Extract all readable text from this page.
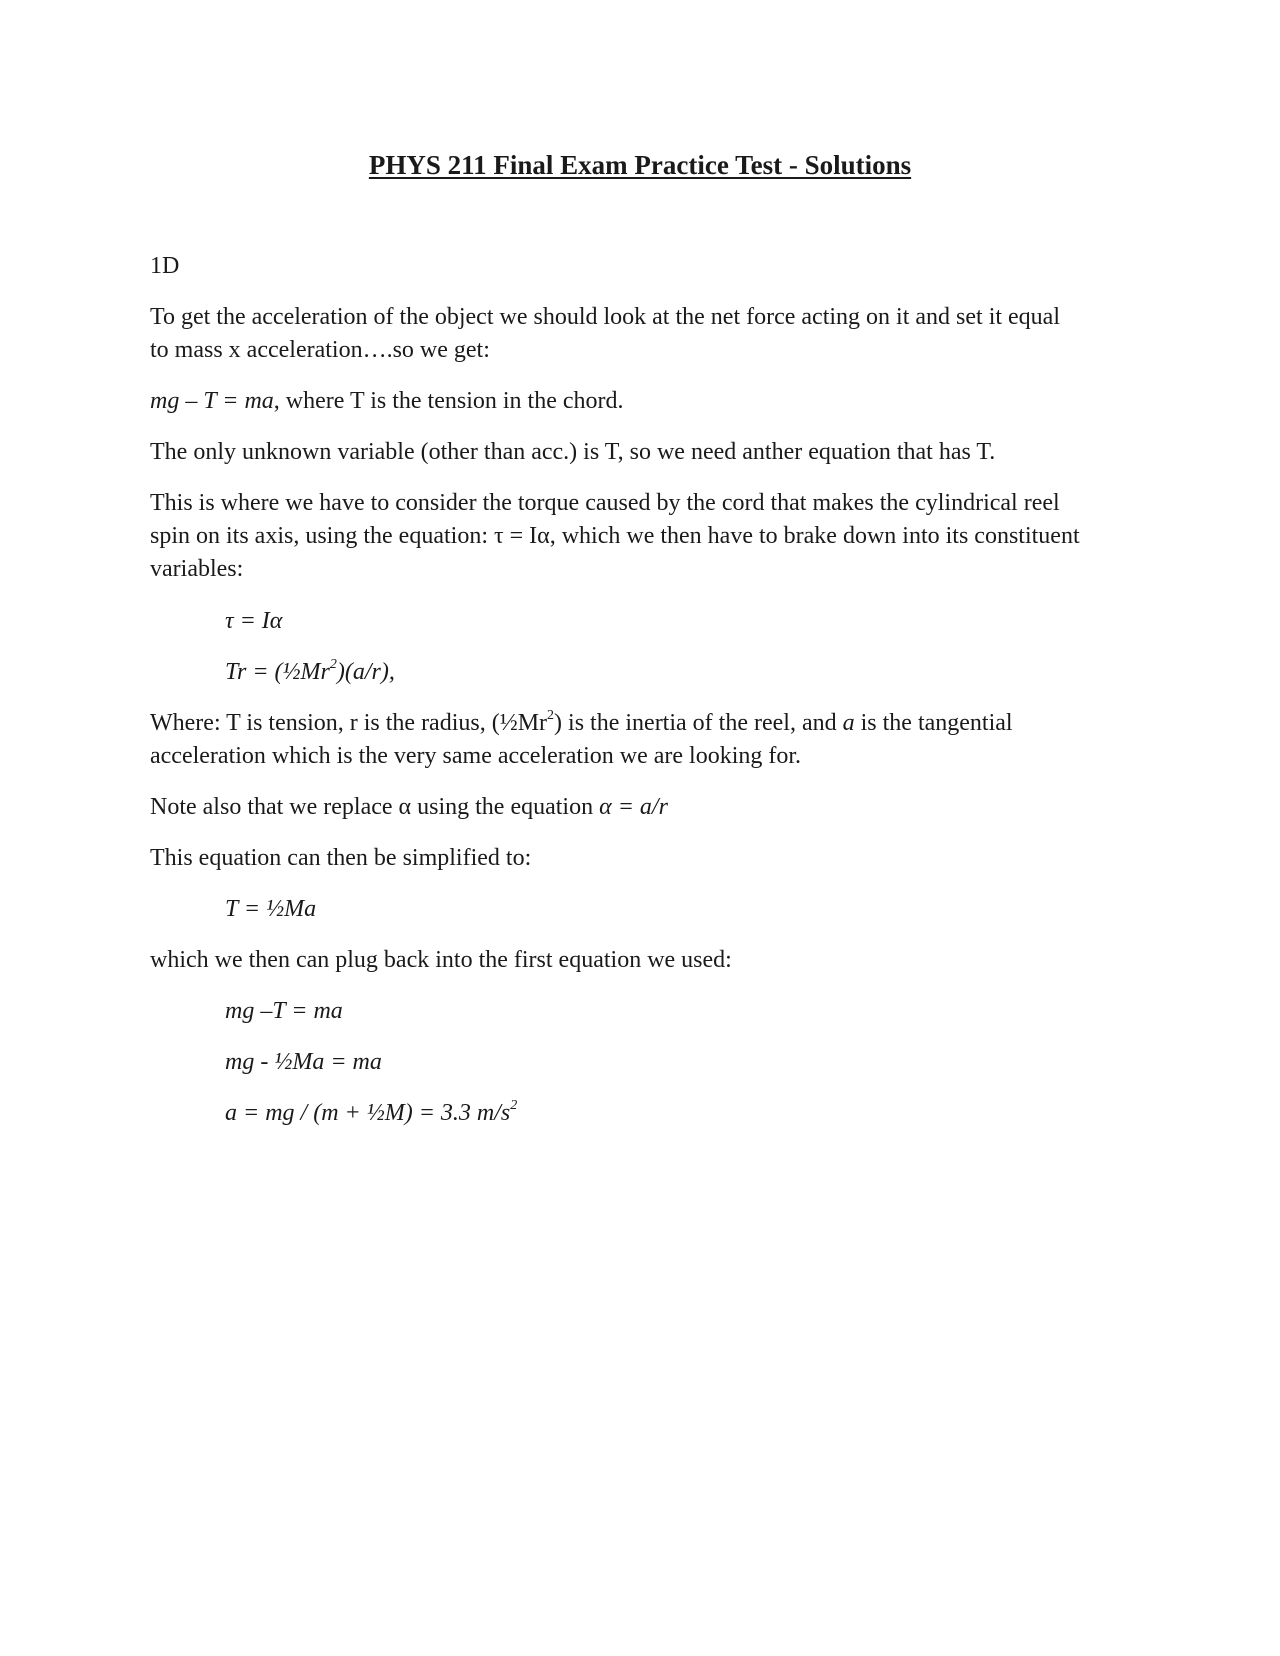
PHYS 211 Final Exam Practice Test - Solutions
1D
To get the acceleration of the object we should look at the net force acting on it and set it equal
to mass x acceleration….so we get:
mg – T = ma, where T is the tension in the chord.
The only unknown variable (other than acc.) is T, so we need anther equation that has T.
This is where we have to consider the torque caused by the cord that makes the cylindrical reel
spin on its axis, using the equation: τ = Iα, which we then have to brake down into its constituent
variables:
τ = Iα
$Tr = (\frac{1}{2}Mr^2)(a/r)$,
Where: T is tension, r is the radius, (½Mr$^2$) is the inertia of the reel, and a is the tangential
acceleration which is the very same acceleration we are looking for.
Note also that we replace α using the equation α = a/r
This equation can then be simplified to:
T = ½Ma
which we then can plug back into the first equation we used:
mg –T = ma
mg - ½Ma = ma
a = mg / (m + ½M) = 3.3 $m/s^2$
